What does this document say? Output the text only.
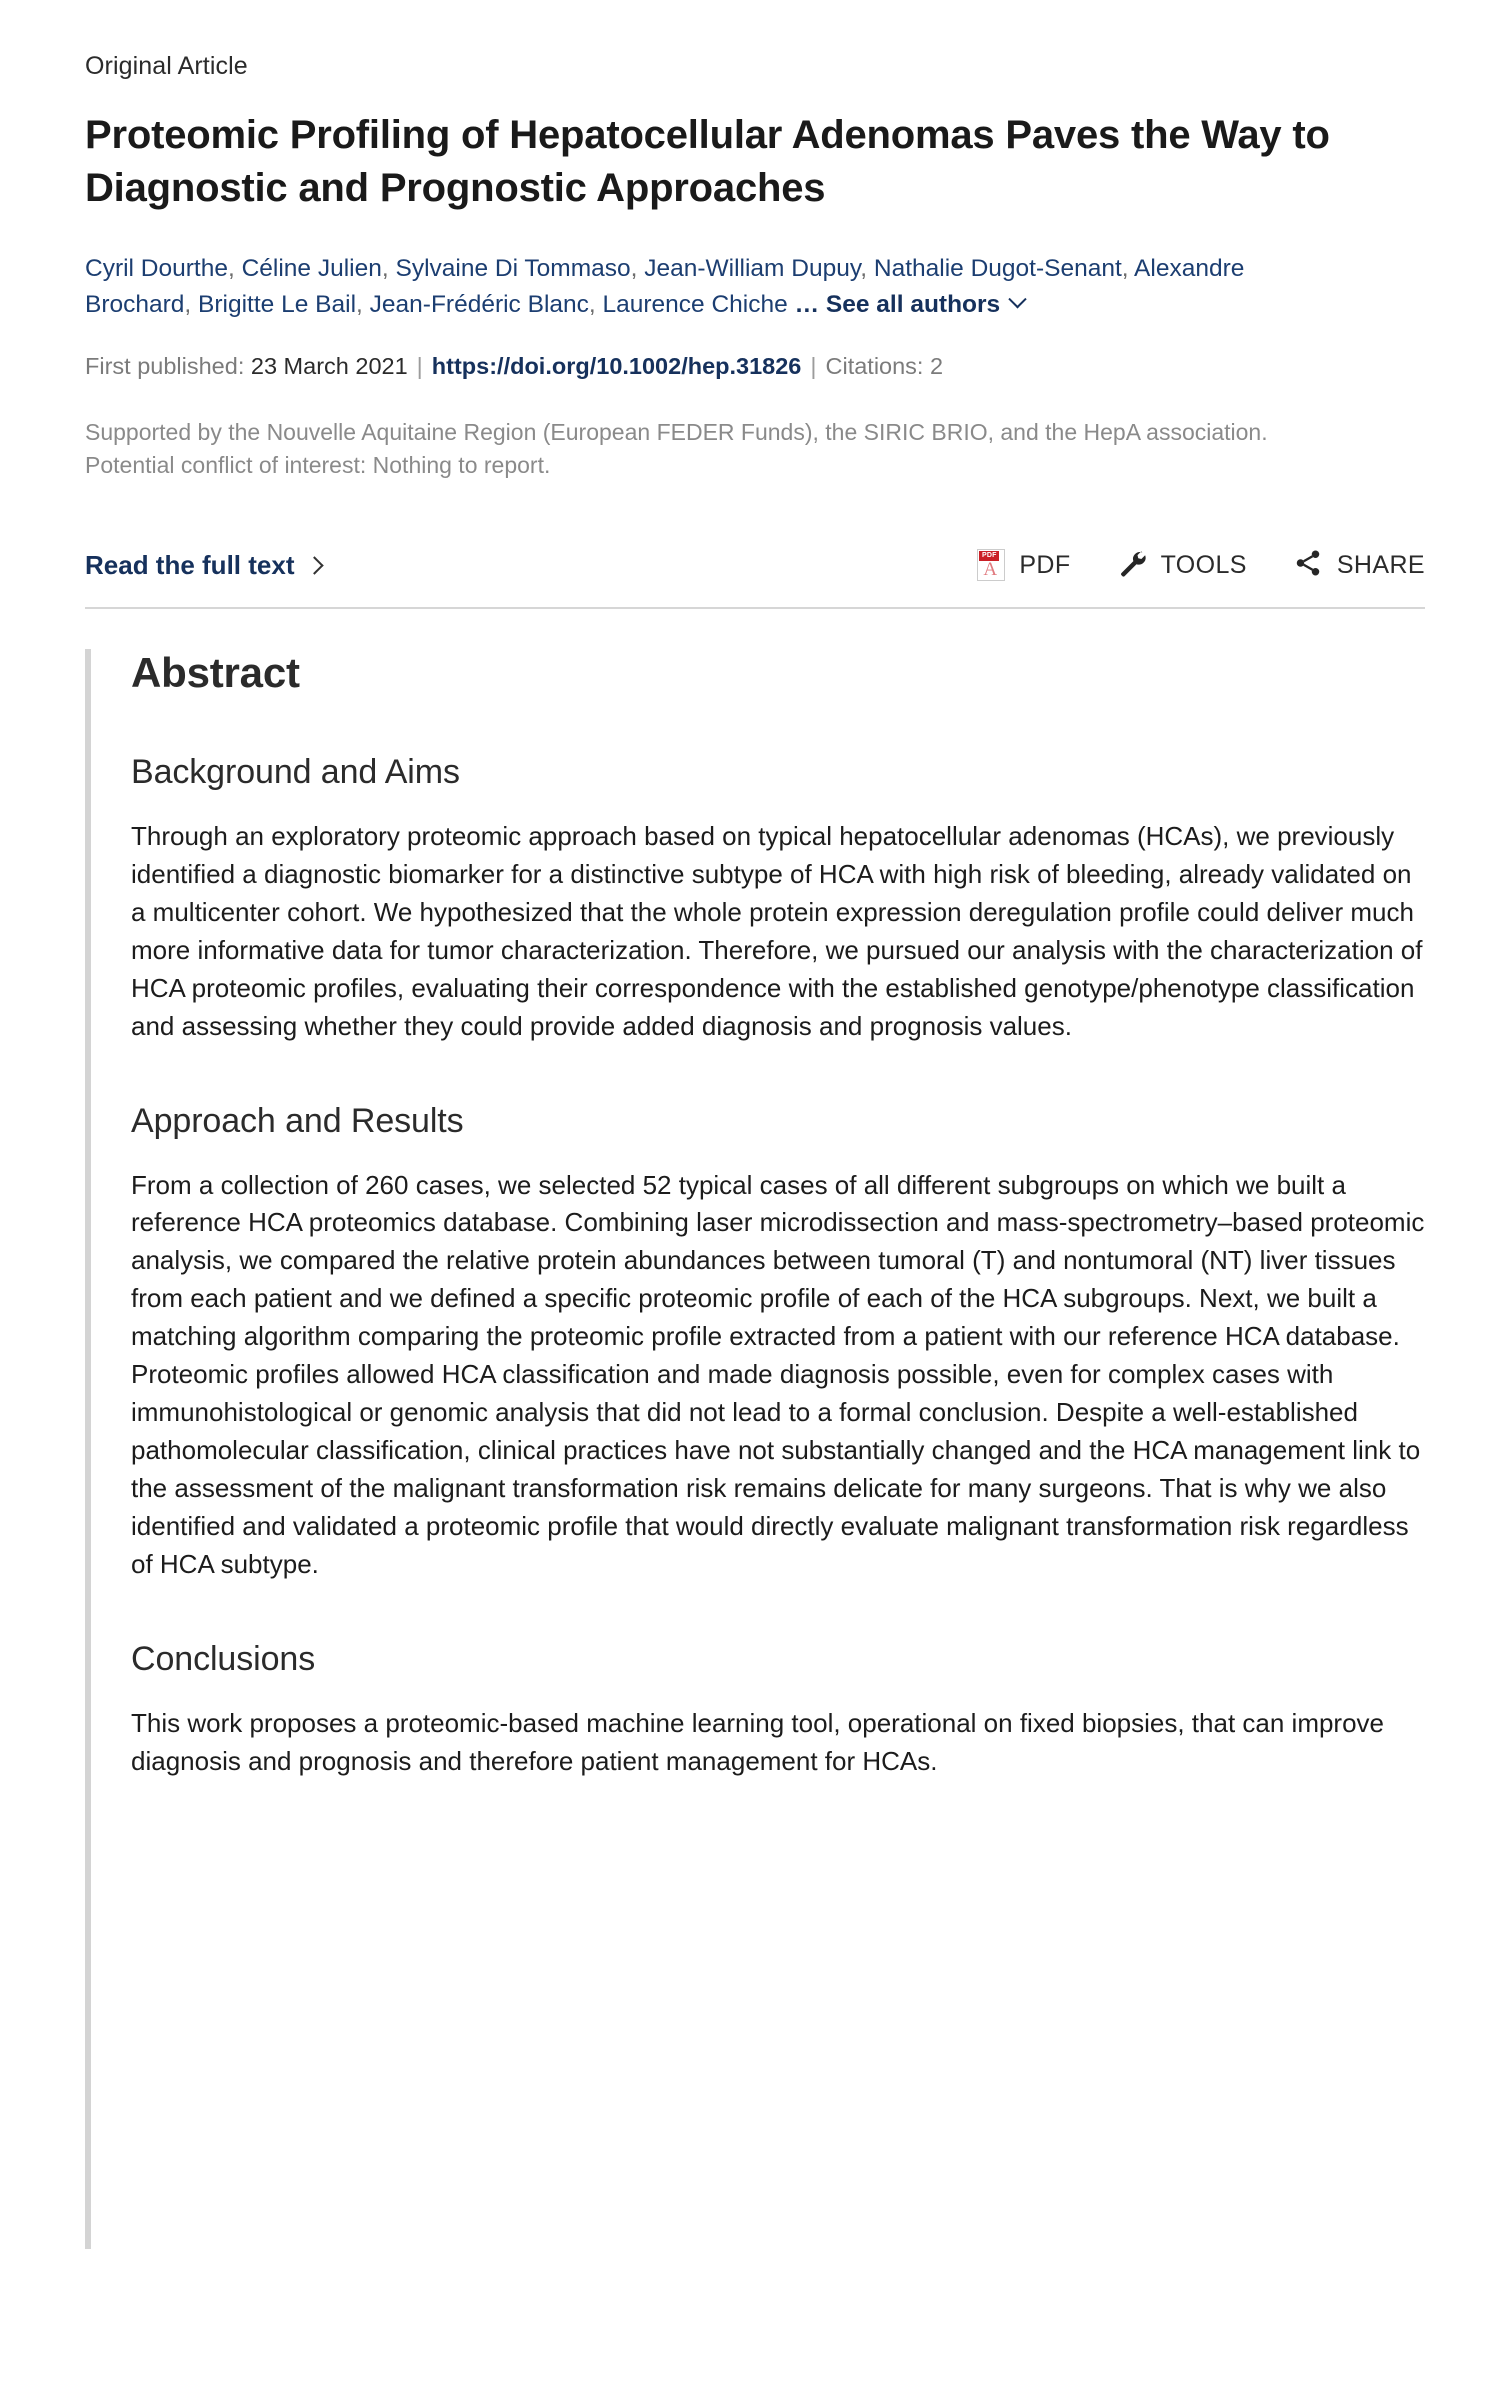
Original Article
Proteomic Profiling of Hepatocellular Adenomas Paves the Way to Diagnostic and Prognostic Approaches
Cyril Dourthe, Céline Julien, Sylvaine Di Tommaso, Jean-William Dupuy, Nathalie Dugot-Senant, Alexandre Brochard, Brigitte Le Bail, Jean-Frédéric Blanc, Laurence Chiche … See all authors
First published: 23 March 2021 | https://doi.org/10.1002/hep.31826 | Citations: 2
Supported by the Nouvelle Aquitaine Region (European FEDER Funds), the SIRIC BRIO, and the HepA association.
Potential conflict of interest: Nothing to report.
Read the full text	PDF
A PDF	TOOLS	SHARE
Abstract
Background and Aims

Through an exploratory proteomic approach based on typical hepatocellular adenomas (HCAs), we previously identified a diagnostic biomarker for a distinctive subtype of HCA with high risk of bleeding, already validated on a multicenter cohort. We hypothesized that the whole protein expression deregulation profile could deliver much more informative data for tumor characterization. Therefore, we pursued our analysis with the characterization of HCA proteomic profiles, evaluating their correspondence with the established genotype/phenotype classification and assessing whether they could provide added diagnosis and prognosis values.

Approach and Results

From a collection of 260 cases, we selected 52 typical cases of all different subgroups on which we built a reference HCA proteomics database. Combining laser microdissection and mass-spectrometry–based proteomic analysis, we compared the relative protein abundances between tumoral (T) and nontumoral (NT) liver tissues from each patient and we defined a specific proteomic profile of each of the HCA subgroups. Next, we built a matching algorithm comparing the proteomic profile extracted from a patient with our reference HCA database. Proteomic profiles allowed HCA classification and made diagnosis possible, even for complex cases with immunohistological or genomic analysis that did not lead to a formal conclusion. Despite a well-established pathomolecular classification, clinical practices have not substantially changed and the HCA management link to the assessment of the malignant transformation risk remains delicate for many surgeons. That is why we also identified and validated a proteomic profile that would directly evaluate malignant transformation risk regardless of HCA subtype.

Conclusions

This work proposes a proteomic-based machine learning tool, operational on fixed biopsies, that can improve diagnosis and prognosis and therefore patient management for HCAs.
